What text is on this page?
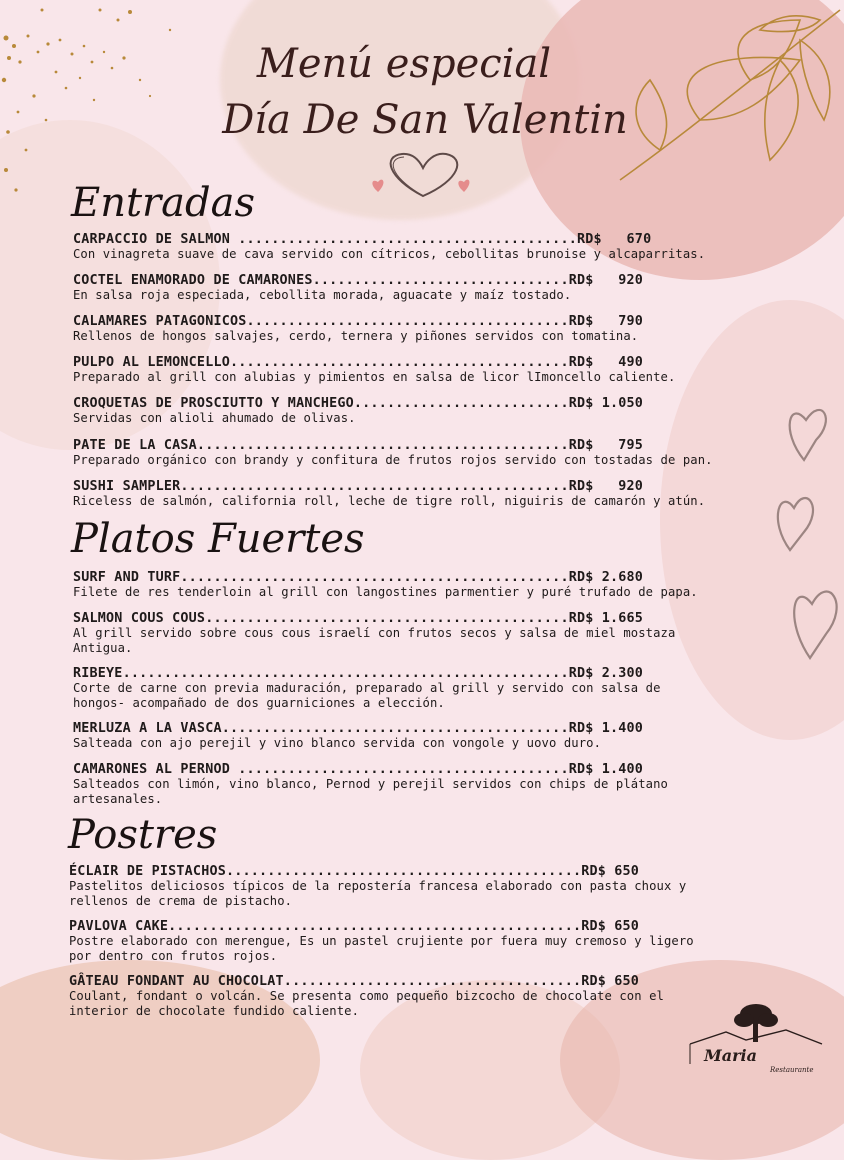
Menú especial
Día De San Valentin
Entradas
CARPACCIO DE SALMON .........................................RD$   670
Con vinagreta suave de cava servido con cítricos, cebollitas brunoise y alcaparritas.
COCTEL ENAMORADO DE CAMARONES...............................RD$   920
En salsa roja especiada, cebollita morada, aguacate y maíz tostado.
CALAMARES PATAGONICOS.......................................RD$   790
Rellenos de hongos salvajes, cerdo, ternera y piñones servidos con tomatina.
PULPO AL LEMONCELLO.........................................RD$   490
Preparado al grill con alubias y pimientos en salsa de licor lImoncello caliente.
CROQUETAS DE PROSCIUTTO Y MANCHEGO..........................RD$ 1.050
Servidas con alioli ahumado de olivas.
PATE DE LA CASA.............................................RD$   795
Preparado orgánico con brandy y confitura de frutos rojos servido con tostadas de pan.
SUSHI SAMPLER...............................................RD$   920
Riceless de salmón, california roll, leche de tigre roll, niguiris de camarón y atún.
Platos Fuertes
SURF AND TURF...............................................RD$ 2.680
Filete de res tenderloin al grill con langostines parmentier y puré trufado de papa.
SALMON COUS COUS............................................RD$ 1.665
Al grill servido sobre cous cous israelí con frutos secos y salsa de miel mostaza Antigua.
RIBEYE......................................................RD$ 2.300
Corte de carne con previa maduración, preparado al grill y servido con salsa de hongos- acompañado de dos guarniciones a elección.
MERLUZA A LA VASCA..........................................RD$ 1.400
Salteada con ajo perejil y vino blanco servida con vongole y uovo duro.
CAMARONES AL PERNOD ........................................RD$ 1.400
Salteados con limón, vino blanco, Pernod y perejil servidos con chips de plátano artesanales.
Postres
ÉCLAIR DE PISTACHOS...........................................RD$ 650
Pastelitos deliciosos típicos de la repostería francesa elaborado con pasta choux y rellenos de crema de pistacho.
PAVLOVA CAKE..................................................RD$ 650
Postre elaborado con merengue, Es un pastel crujiente por fuera muy cremoso y ligero por dentro con frutos rojos.
GÂTEAU FONDANT AU CHOCOLAT....................................RD$ 650
Coulant, fondant o volcán. Se presenta como pequeño bizcocho de chocolate con el interior de chocolate fundido caliente.
Maria
Restaurante
